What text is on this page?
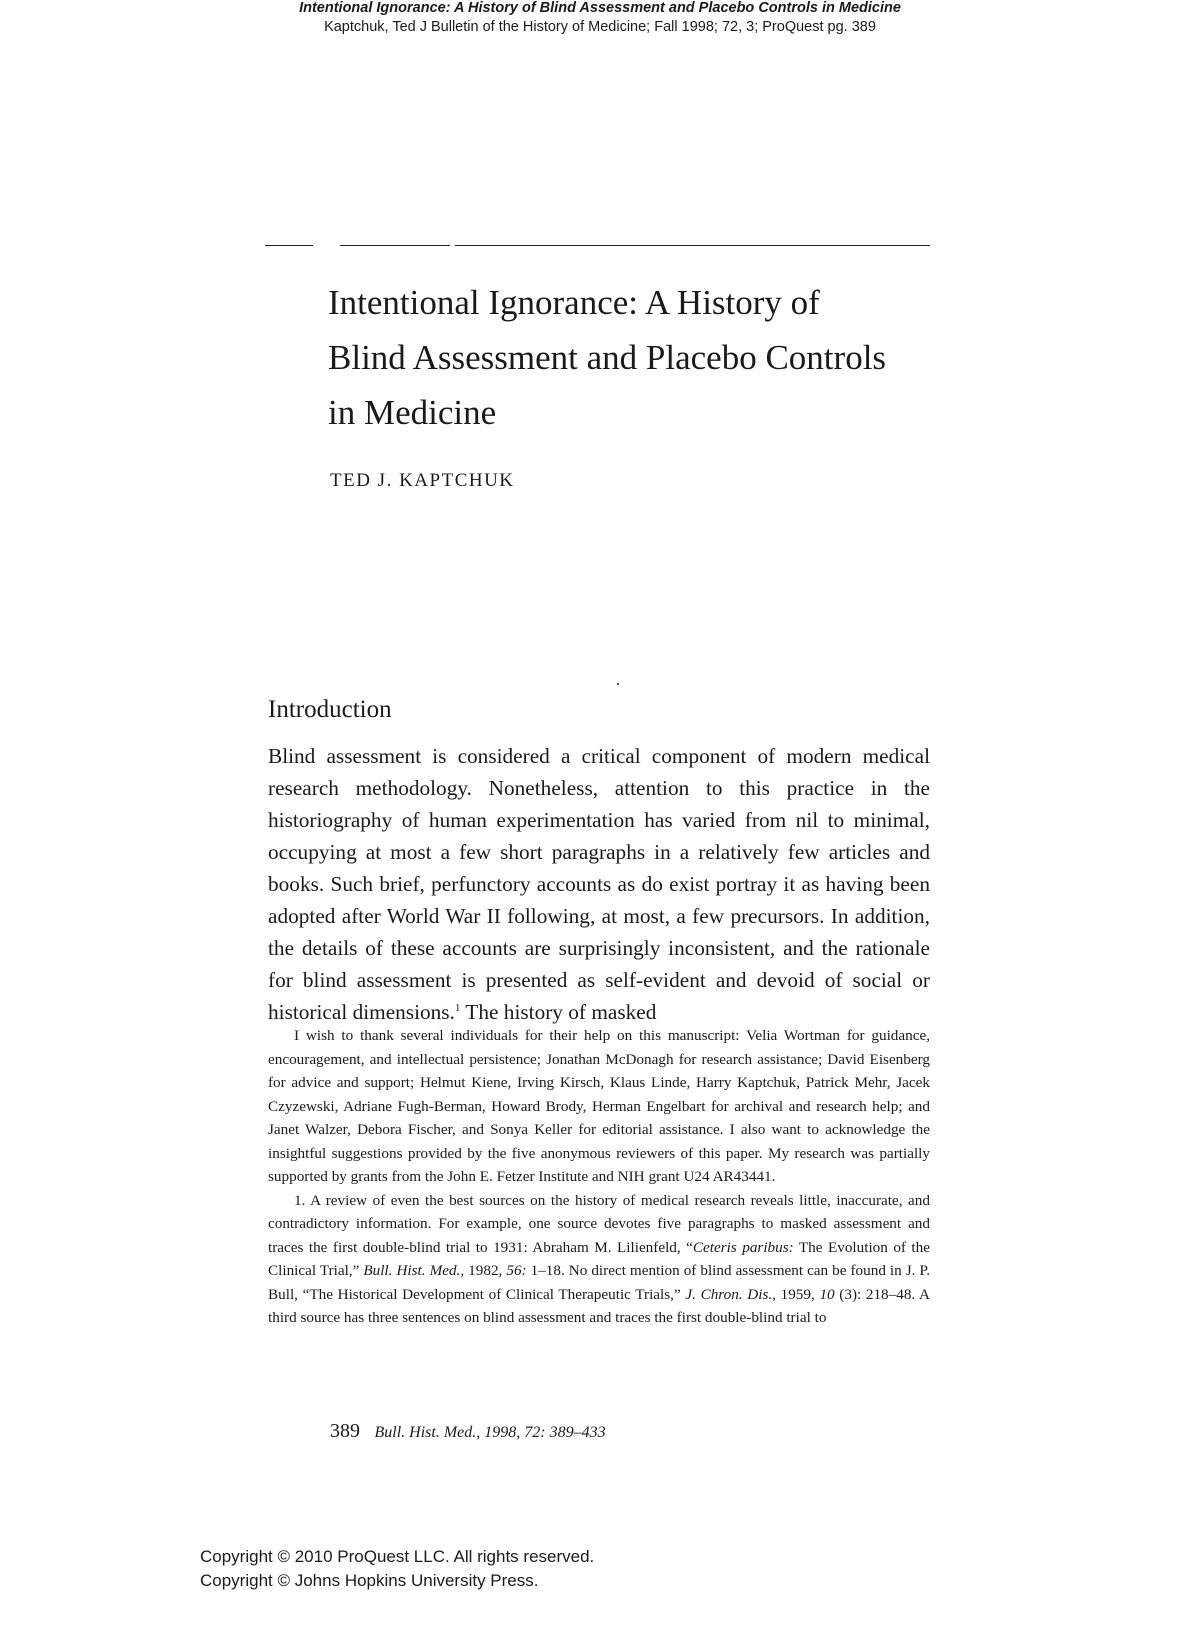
Intentional Ignorance: A History of Blind Assessment and Placebo Controls in Medicine
Kaptchuk, Ted J Bulletin of the History of Medicine; Fall 1998; 72, 3; ProQuest pg. 389
Intentional Ignorance: A History of
Blind Assessment and Placebo Controls
in Medicine
TED J. KAPTCHUK
Introduction

Blind assessment is considered a critical component of modern medical research methodology. Nonetheless, attention to this practice in the historiography of human experimentation has varied from nil to minimal, occupying at most a few short paragraphs in a relatively few articles and books. Such brief, perfunctory accounts as do exist portray it as having been adopted after World War II following, at most, a few precursors. In addition, the details of these accounts are surprisingly inconsistent, and the rationale for blind assessment is presented as self-evident and devoid of social or historical dimensions.$^1$ The history of masked

I wish to thank several individuals for their help on this manuscript: Velia Wortman for guidance, encouragement, and intellectual persistence; Jonathan McDonagh for research assistance; David Eisenberg for advice and support; Helmut Kiene, Irving Kirsch, Klaus Linde, Harry Kaptchuk, Patrick Mehr, Jacek Czyzewski, Adriane Fugh-Berman, Howard Brody, Herman Engelbart for archival and research help; and Janet Walzer, Debora Fischer, and Sonya Keller for editorial assistance. I also want to acknowledge the insightful suggestions provided by the five anonymous reviewers of this paper. My research was partially supported by grants from the John E. Fetzer Institute and NIH grant U24 AR43441.

1. A review of even the best sources on the history of medical research reveals little, inaccurate, and contradictory information. For example, one source devotes five paragraphs to masked assessment and traces the first double-blind trial to 1931: Abraham M. Lilienfeld, “Ceteris paribus: The Evolution of the Clinical Trial,” Bull. Hist. Med., 1982, 56: 1–18. No direct mention of blind assessment can be found in J. P. Bull, “The Historical Development of Clinical Therapeutic Trials,” J. Chron. Dis., 1959, 10 (3): 218–48. A third source has three sentences on blind assessment and traces the first double-blind trial to

389 Bull. Hist. Med., 1998, 72: 389–433
Copyright © 2010 ProQuest LLC. All rights reserved.
Copyright © Johns Hopkins University Press.
